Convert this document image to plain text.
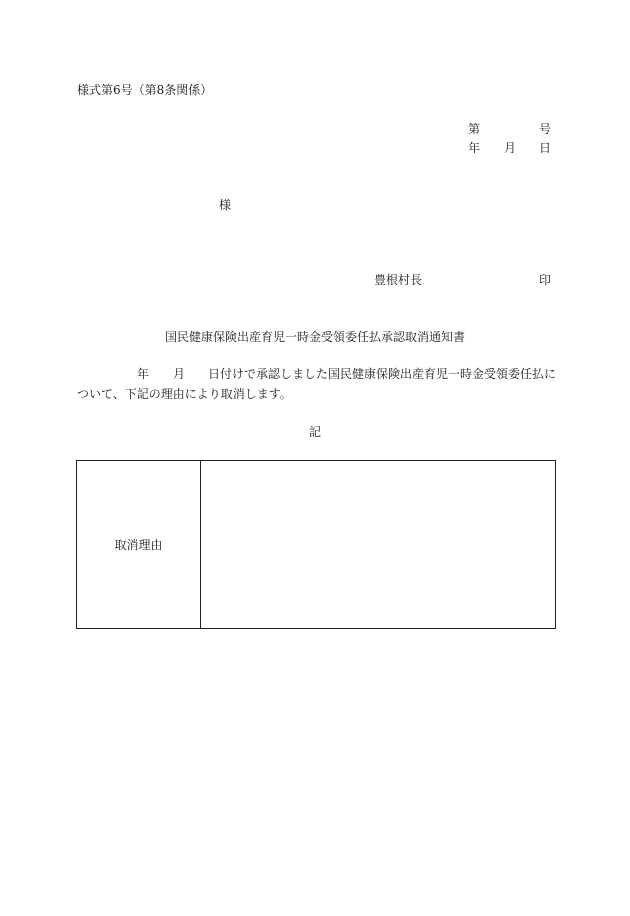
様式第6号（第8条関係）
第	号
年 月 日
様
豊根村長	印
国民健康保険出産育児一時金受領委任払承認取消通知書
年 月 日付けで承認しました国民健康保険出産育児一時金受領委任払に
ついて、下記の理由により取消します。
記
取消理由
